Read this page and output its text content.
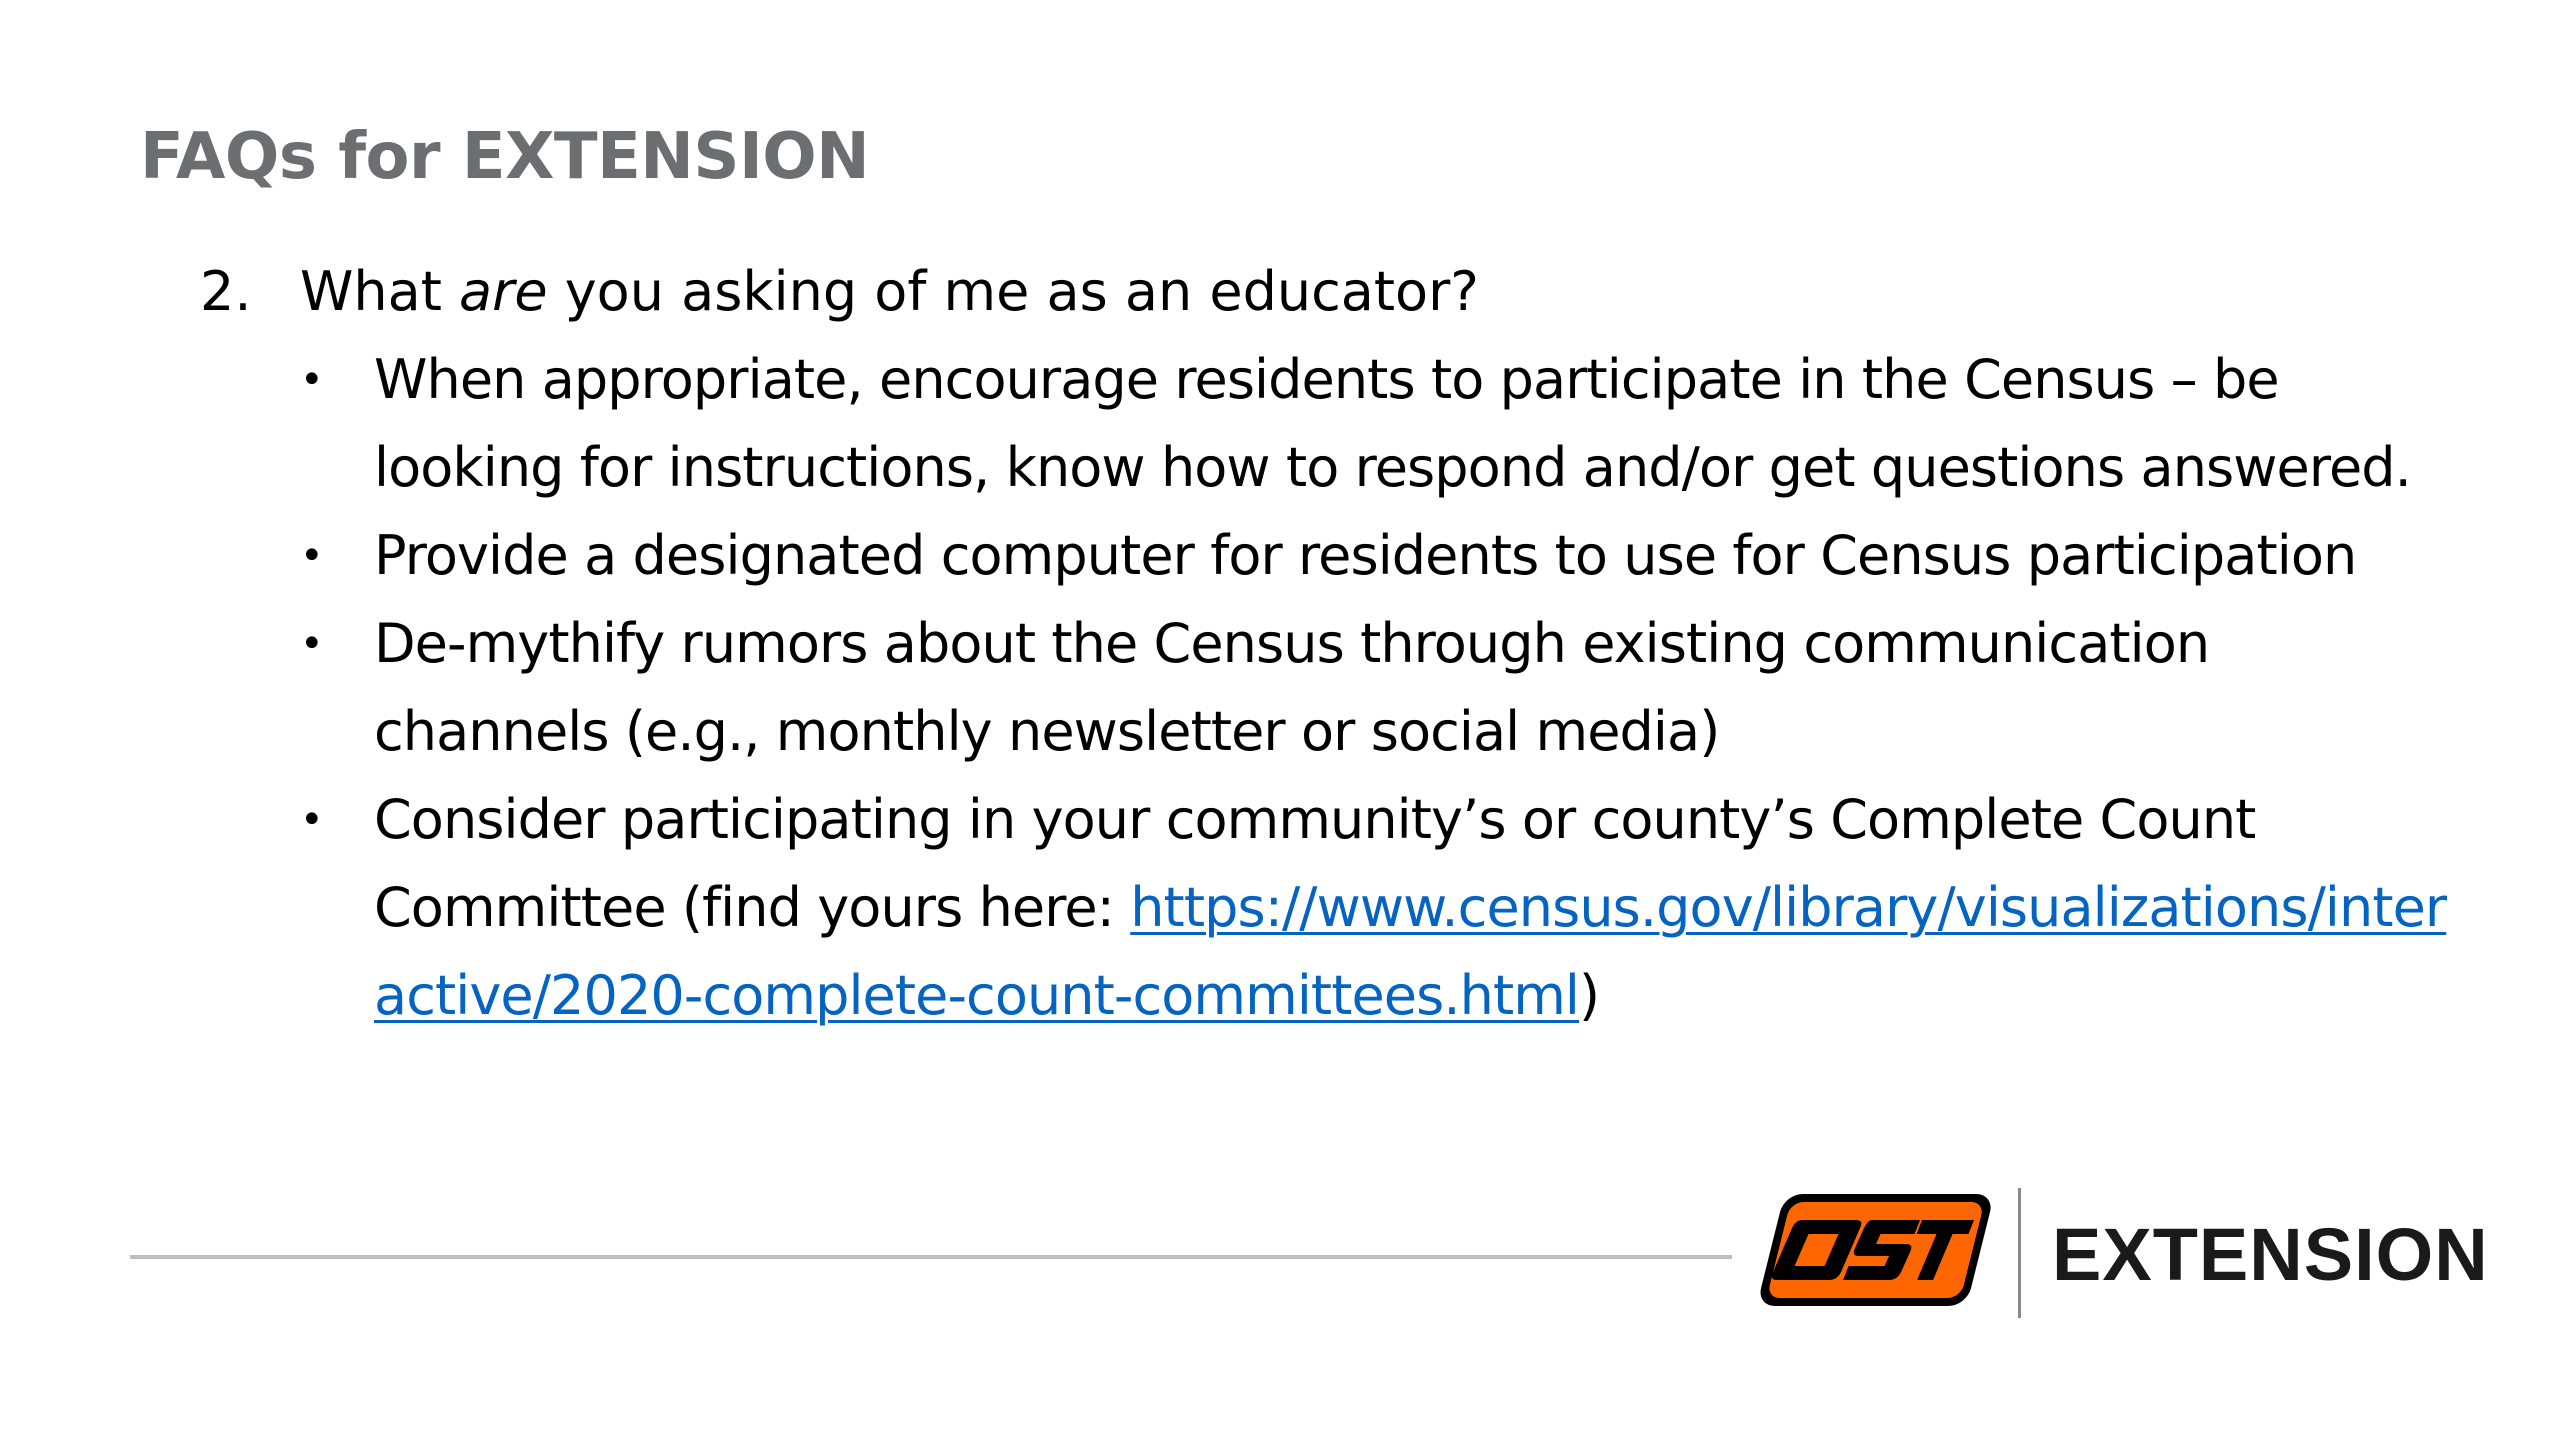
FAQs for EXTENSION
2. What are you asking of me as an educator?
• When appropriate, encourage residents to participate in the Census – be looking for instructions, know how to respond and/or get questions answered.
• Provide a designated computer for residents to use for Census participation
• De-mythify rumors about the Census through existing communication channels (e.g., monthly newsletter or social media)
• Consider participating in your community’s or county’s Complete Count Committee (find yours here: https://www.census.gov/library/visualizations/interactive/2020-complete-count-committees.html)
EXTENSION
